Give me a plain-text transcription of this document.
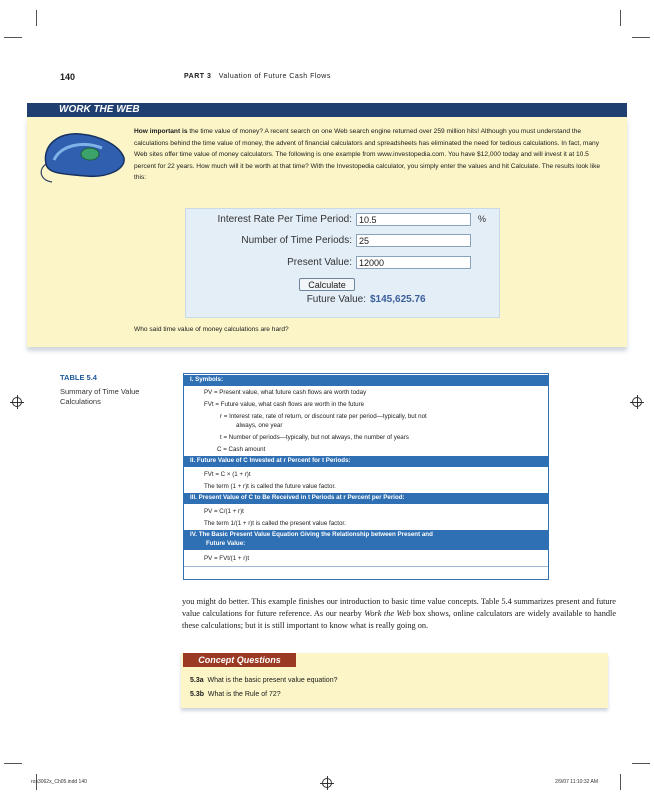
140	PART 3 Valuation of Future Cash Flows
WORK THE WEB
How important is the time value of money? A recent search on one Web search engine returned over 259 million hits! Although you must understand the calculations behind the time value of money, the advent of financial calculators and spreadsheets has eliminated the need for tedious calculations. In fact, many Web sites offer time value of money calculators. The following is one example from www.investopedia.com. You have $12,000 today and will invest it at 10.5 percent for 22 years. How much will it be worth at that time? With the Investopedia calculator, you simply enter the values and hit Calculate. The results look like this:
Interest Rate Per Time Period: 10.5	%
Number of Time Periods: 25
Present Value: 12000
Calculate
Future Value: $145,625.76
Who said time value of money calculations are hard?
TABLE 5.4
Summary of Time Value Calculations
I. Symbols:
PV = Present value, what future cash flows are worth today
FVt = Future value, what cash flows are worth in the future
r = Interest rate, rate of return, or discount rate per period—typically, but not
always, one year
t = Number of periods—typically, but not always, the number of years
C = Cash amount
II. Future Value of C Invested at r Percent for t Periods:
FVt = C × (1 + r)t
The term (1 + r)t is called the future value factor.
III. Present Value of C to Be Received in t Periods at r Percent per Period:
PV = C/(1 + r)t
The term 1/(1 + r)t is called the present value factor.
IV. The Basic Present Value Equation Giving the Relationship between Present and
Future Value:
PV = FVt/(1 + r)t
you might do better. This example finishes our introduction to basic time value concepts. Table 5.4 summarizes present and future value calculations for future reference. As our nearby Work the Web box shows, online calculators are widely available to handle these calculations; but it is still important to know what is really going on.
Concept Questions
5.3a What is the basic present value equation?
5.3b What is the Rule of 72?
ros3062x_Ch05.indd 140	2/9/07 11:10:32 AM
